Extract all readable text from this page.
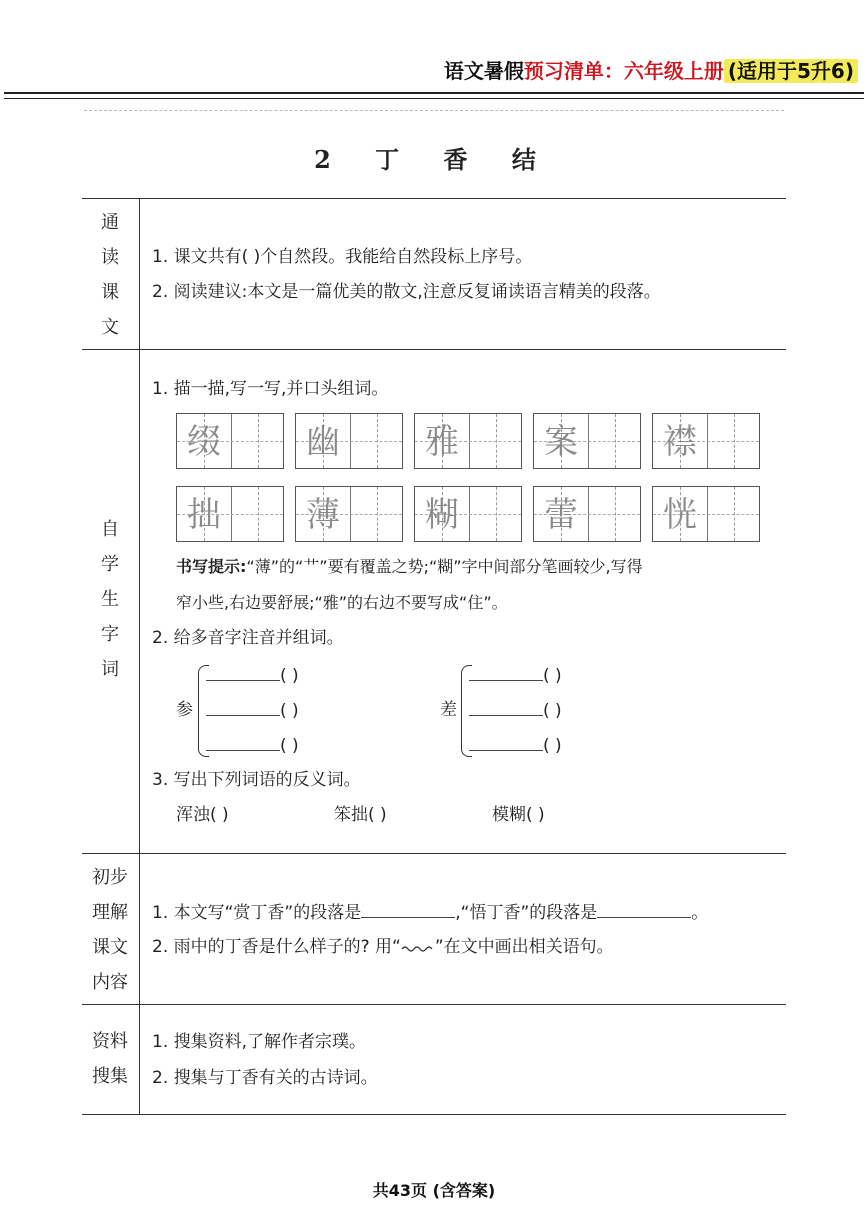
语文暑假预习清单：六年级上册 (适用于5升6)
2 丁 香 结
通
读
课
文
1. 课文共有( )个自然段。我能给自然段标上序号。
2. 阅读建议:本文是一篇优美的散文,注意反复诵读语言精美的段落。
自
学
生
字
词
1. 描一描,写一写,并口头组词。
缀	幽	雅	案	襟
拙	薄	糊	蕾	恍
书写提示:“薄”的“艹”要有覆盖之势;“糊”字中间部分笔画较少,写得
窄小些,右边要舒展;“雅”的右边不要写成“住”。
2. 给多音字注音并组词。
参
( )
( )
( )
差
( )
( )
( )
3. 写出下列词语的反义词。
浑浊( )	笨拙( )	模糊( )
初步
理解
课文
内容
1. 本文写“赏丁香”的段落是	,“悟丁香”的段落是	。
2. 雨中的丁香是什么样子的? 用“ ”在文中画出相关语句。
资料
搜集
1. 搜集资料,了解作者宗璞。
2. 搜集与丁香有关的古诗词。
共43页 (含答案)
